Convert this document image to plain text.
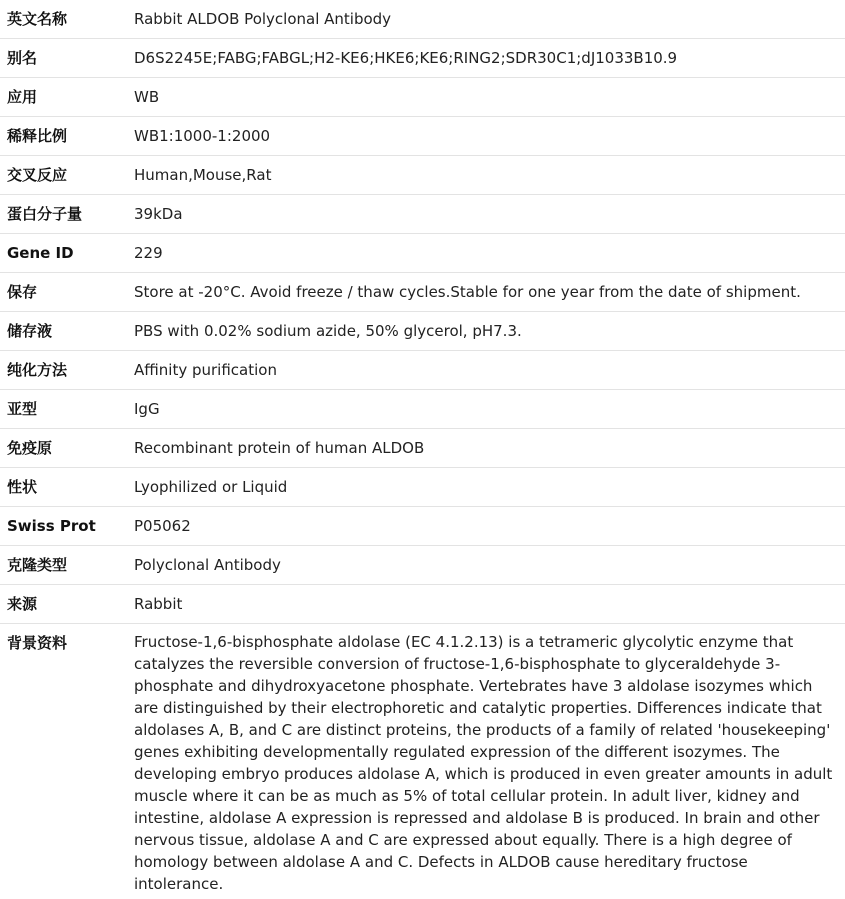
英文名称	Rabbit ALDOB Polyclonal Antibody
别名	D6S2245E;FABG;FABGL;H2-KE6;HKE6;KE6;RING2;SDR30C1;dJ1033B10.9
应用	WB
稀释比例	WB1:1000-1:2000
交叉反应	Human,Mouse,Rat
蛋白分子量	39kDa
Gene ID	229
保存	Store at -20°C. Avoid freeze / thaw cycles.Stable for one year from the date of shipment.
储存液	PBS with 0.02% sodium azide, 50% glycerol, pH7.3.
纯化方法	Affinity purification
亚型	IgG
免疫原	Recombinant protein of human ALDOB
性状	Lyophilized or Liquid
Swiss Prot	P05062
克隆类型	Polyclonal Antibody
来源	Rabbit
背景资料	Fructose-1,6-bisphosphate aldolase (EC 4.1.2.13) is a tetrameric glycolytic enzyme that catalyzes the reversible conversion of fructose-1,6-bisphosphate to glyceraldehyde 3-phosphate and dihydroxyacetone phosphate. Vertebrates have 3 aldolase isozymes which are distinguished by their electrophoretic and catalytic properties. Differences indicate that aldolases A, B, and C are distinct proteins, the products of a family of related 'housekeeping' genes exhibiting developmentally regulated expression of the different isozymes. The developing embryo produces aldolase A, which is produced in even greater amounts in adult muscle where it can be as much as 5% of total cellular protein. In adult liver, kidney and intestine, aldolase A expression is repressed and aldolase B is produced. In brain and other nervous tissue, aldolase A and C are expressed about equally. There is a high degree of homology between aldolase A and C. Defects in ALDOB cause hereditary fructose intolerance.
